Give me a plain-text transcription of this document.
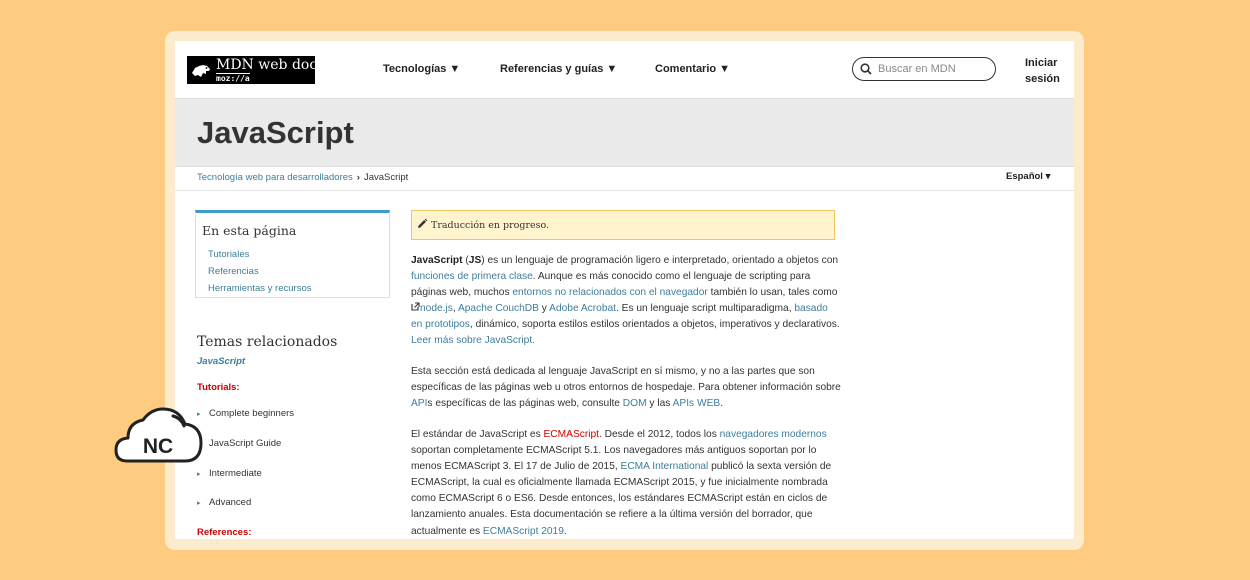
MDN web docs
moz://a
Tecnologías ▼	Referencias y guías ▼	Comentario ▼
Buscar en MDN	Iniciar
sesión
JavaScript
Tecnología web para desarrolladores › JavaScript	Español ▾
En esta página
Tutoriales
Referencias
Herramientas y recursos
Temas relacionados
JavaScript
Tutorials:
▸ Complete beginners
JavaScript Guide
▸ Intermediate
▸ Advanced
References:
Traducción en progreso.
JavaScript (JS) es un lenguaje de programación ligero e interpretado, orientado a objetos con funciones de primera clase. Aunque es más conocido como el lenguaje de scripting para páginas web, muchos entornos no relacionados con el navegador también lo usan, tales como node.js, Apache CouchDB y Adobe Acrobat. Es un lenguaje script multiparadigma, basado en prototipos, dinámico, soporta estilos estilos orientados a objetos, imperativos y declarativos. Leer más sobre JavaScript.
Esta sección está dedicada al lenguaje JavaScript en sí mismo, y no a las partes que son específicas de las páginas web u otros entornos de hospedaje. Para obtener información sobre APIs específicas de las páginas web, consulte DOM y las APIs WEB.
El estándar de JavaScript es ECMAScript. Desde el 2012, todos los navegadores modernos soportan completamente ECMAScript 5.1. Los navegadores más antiguos soportan por lo menos ECMAScript 3. El 17 de Julio de 2015, ECMA International publicó la sexta versión de ECMAScript, la cual es oficialmente llamada ECMAScript 2015, y fue inicialmente nombrada como ECMAScript 6 o ES6. Desde entonces, los estándares ECMAScript están en ciclos de lanzamiento anuales. Esta documentación se refiere a la última versión del borrador, que actualmente es ECMAScript 2019.
NC
